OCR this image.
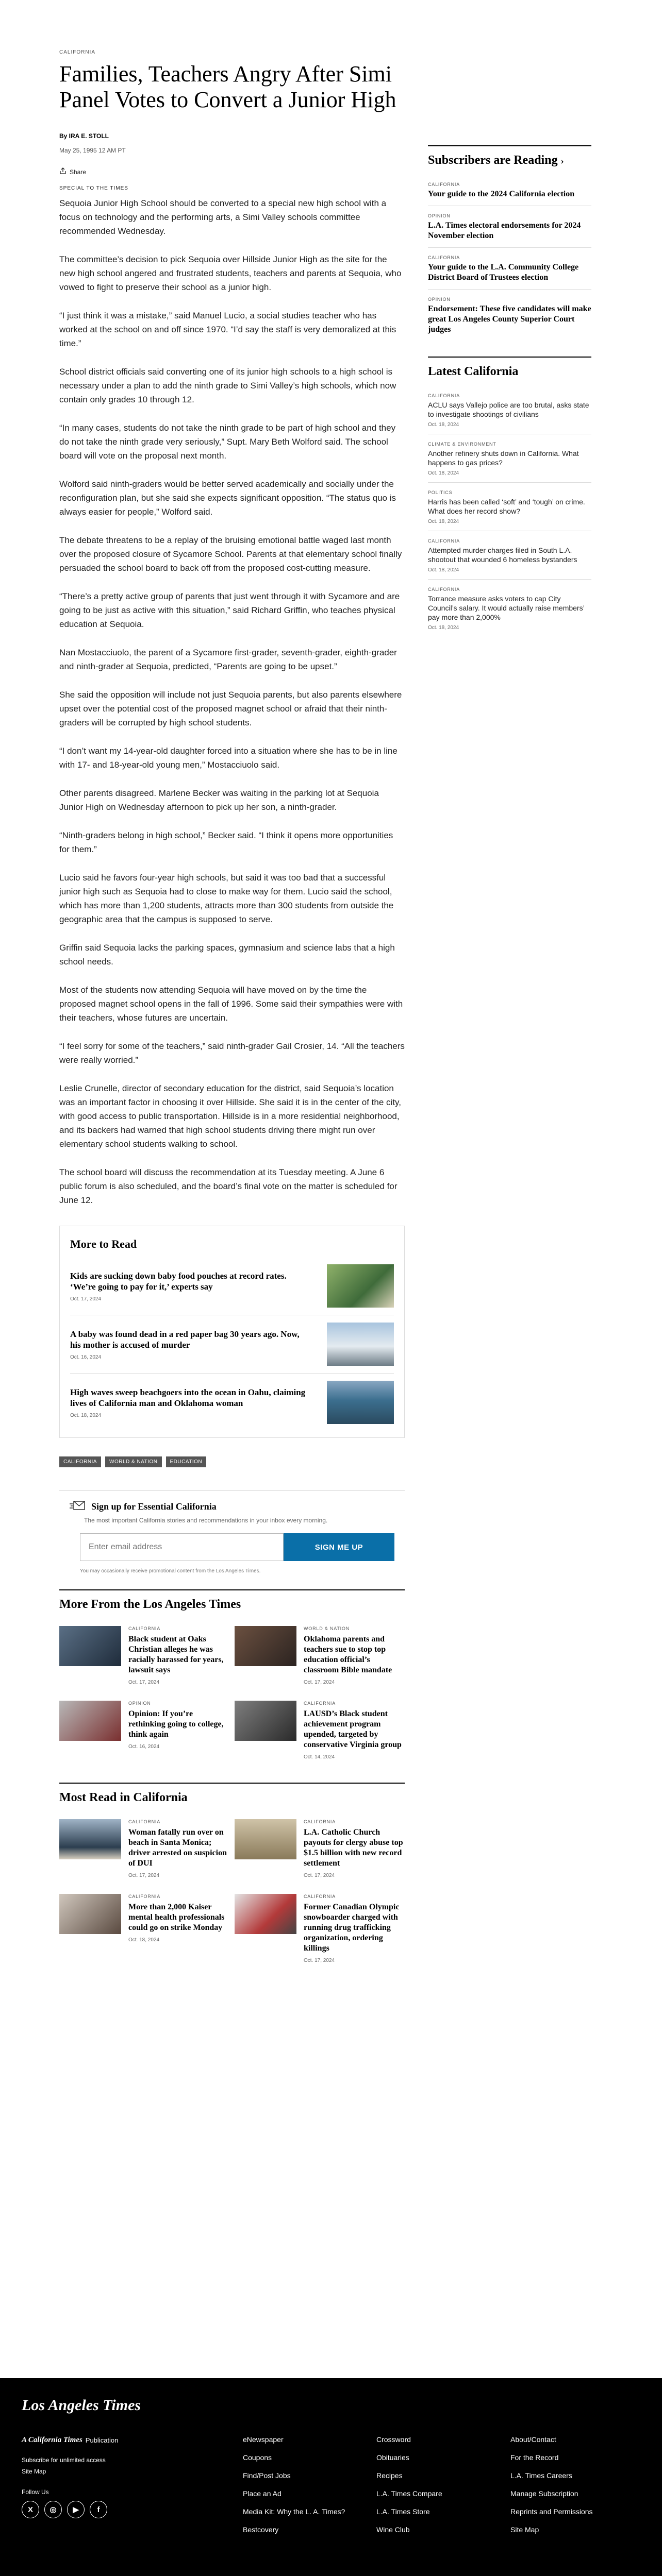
CALIFORNIA
Families, Teachers Angry After Simi Panel Votes to Convert a Junior High
By IRA E. STOLL
May 25, 1995 12 AM PT
Share
SPECIAL TO THE TIMES

Sequoia Junior High School should be converted to a special new high school with a focus on technology and the performing arts, a Simi Valley schools committee recommended Wednesday.

The committee’s decision to pick Sequoia over Hillside Junior High as the site for the new high school angered and frustrated students, teachers and parents at Sequoia, who vowed to fight to preserve their school as a junior high.

“I just think it was a mistake,” said Manuel Lucio, a social studies teacher who has worked at the school on and off since 1970. “I’d say the staff is very demoralized at this time.”

School district officials said converting one of its junior high schools to a high school is necessary under a plan to add the ninth grade to Simi Valley’s high schools, which now contain only grades 10 through 12.

“In many cases, students do not take the ninth grade to be part of high school and they do not take the ninth grade very seriously,” Supt. Mary Beth Wolford said. The school board will vote on the proposal next month.

Wolford said ninth-graders would be better served academically and socially under the reconfiguration plan, but she said she expects significant opposition. “The status quo is always easier for people,” Wolford said.

The debate threatens to be a replay of the bruising emotional battle waged last month over the proposed closure of Sycamore School. Parents at that elementary school finally persuaded the school board to back off from the proposed cost-cutting measure.

“There’s a pretty active group of parents that just went through it with Sycamore and are going to be just as active with this situation,” said Richard Griffin, who teaches physical education at Sequoia.

Nan Mostacciuolo, the parent of a Sycamore first-grader, seventh-grader, eighth-grader and ninth-grader at Sequoia, predicted, “Parents are going to be upset.”

She said the opposition will include not just Sequoia parents, but also parents elsewhere upset over the potential cost of the proposed magnet school or afraid that their ninth-graders will be corrupted by high school students.

“I don’t want my 14-year-old daughter forced into a situation where she has to be in line with 17- and 18-year-old young men,” Mostacciuolo said.

Other parents disagreed. Marlene Becker was waiting in the parking lot at Sequoia Junior High on Wednesday afternoon to pick up her son, a ninth-grader.

“Ninth-graders belong in high school,” Becker said. “I think it opens more opportunities for them.”

Lucio said he favors four-year high schools, but said it was too bad that a successful junior high such as Sequoia had to close to make way for them. Lucio said the school, which has more than 1,200 students, attracts more than 300 students from outside the geographic area that the campus is supposed to serve.

Griffin said Sequoia lacks the parking spaces, gymnasium and science labs that a high school needs.

Most of the students now attending Sequoia will have moved on by the time the proposed magnet school opens in the fall of 1996. Some said their sympathies were with their teachers, whose futures are uncertain.

“I feel sorry for some of the teachers,” said ninth-grader Gail Crosier, 14. “All the teachers were really worried.”

Leslie Crunelle, director of secondary education for the district, said Sequoia’s location was an important factor in choosing it over Hillside. She said it is in the center of the city, with good access to public transportation. Hillside is in a more residential neighborhood, and its backers had warned that high school students driving there might run over elementary school students walking to school.

The school board will discuss the recommendation at its Tuesday meeting. A June 6 public forum is also scheduled, and the board’s final vote on the matter is scheduled for June 12.

More to Read
Kids are sucking down baby food pouches at record rates. ‘We’re going to pay for it,’ experts say
Oct. 17, 2024
A baby was found dead in a red paper bag 30 years ago. Now, his mother is accused of murder
Oct. 16, 2024
High waves sweep beachgoers into the ocean in Oahu, claiming lives of California man and Oklahoma woman
Oct. 18, 2024
CALIFORNIA	WORLD & NATION	EDUCATION
Sign up for Essential California
The most important California stories and recommendations in your inbox every morning.
Enter email address
SIGN ME UP
You may occasionally receive promotional content from the Los Angeles Times.
More From the Los Angeles Times
CALIFORNIA
Black student at Oaks Christian alleges he was racially harassed for years, lawsuit says
Oct. 17, 2024
WORLD & NATION
Oklahoma parents and teachers sue to stop top education official’s classroom Bible mandate
Oct. 17, 2024
OPINION
Opinion: If you’re rethinking going to college, think again
Oct. 16, 2024
CALIFORNIA
LAUSD’s Black student achievement program upended, targeted by conservative Virginia group
Oct. 14, 2024
Most Read in California
CALIFORNIA
Woman fatally run over on beach in Santa Monica; driver arrested on suspicion of DUI
Oct. 17, 2024
CALIFORNIA
L.A. Catholic Church payouts for clergy abuse top $1.5 billion with new record settlement
Oct. 17, 2024
CALIFORNIA
More than 2,000 Kaiser mental health professionals could go on strike Monday
Oct. 18, 2024
CALIFORNIA
Former Canadian Olympic snowboarder charged with running drug trafficking organization, ordering killings
Oct. 17, 2024
Subscribers are Reading ›
CALIFORNIA
Your guide to the 2024 California election
OPINION
L.A. Times electoral endorsements for 2024 November election
CALIFORNIA
Your guide to the L.A. Community College District Board of Trustees election
OPINION
Endorsement: These five candidates will make great Los Angeles County Superior Court judges
Latest California
CALIFORNIA
ACLU says Vallejo police are too brutal, asks state to investigate shootings of civilians
Oct. 18, 2024
CLIMATE & ENVIRONMENT
Another refinery shuts down in California. What happens to gas prices?
Oct. 18, 2024
POLITICS
Harris has been called ‘soft’ and ‘tough’ on crime. What does her record show?
Oct. 18, 2024
CALIFORNIA
Attempted murder charges filed in South L.A. shootout that wounded 6 homeless bystanders
Oct. 18, 2024
CALIFORNIA
Torrance measure asks voters to cap City Council’s salary. It would actually raise members’ pay more than 2,000%
Oct. 18, 2024
Los Angeles Times
A California Times Publication
Subscribe for unlimited access
Site Map
Follow Us
X	◎	▶	f
eNewspaper
Coupons
Find/Post Jobs
Place an Ad
Media Kit: Why the L. A. Times?
Bestcovery
Crossword
Obituaries
Recipes
L.A. Times Compare
L.A. Times Store
Wine Club
About/Contact
For the Record
L.A. Times Careers
Manage Subscription
Reprints and Permissions
Site Map
